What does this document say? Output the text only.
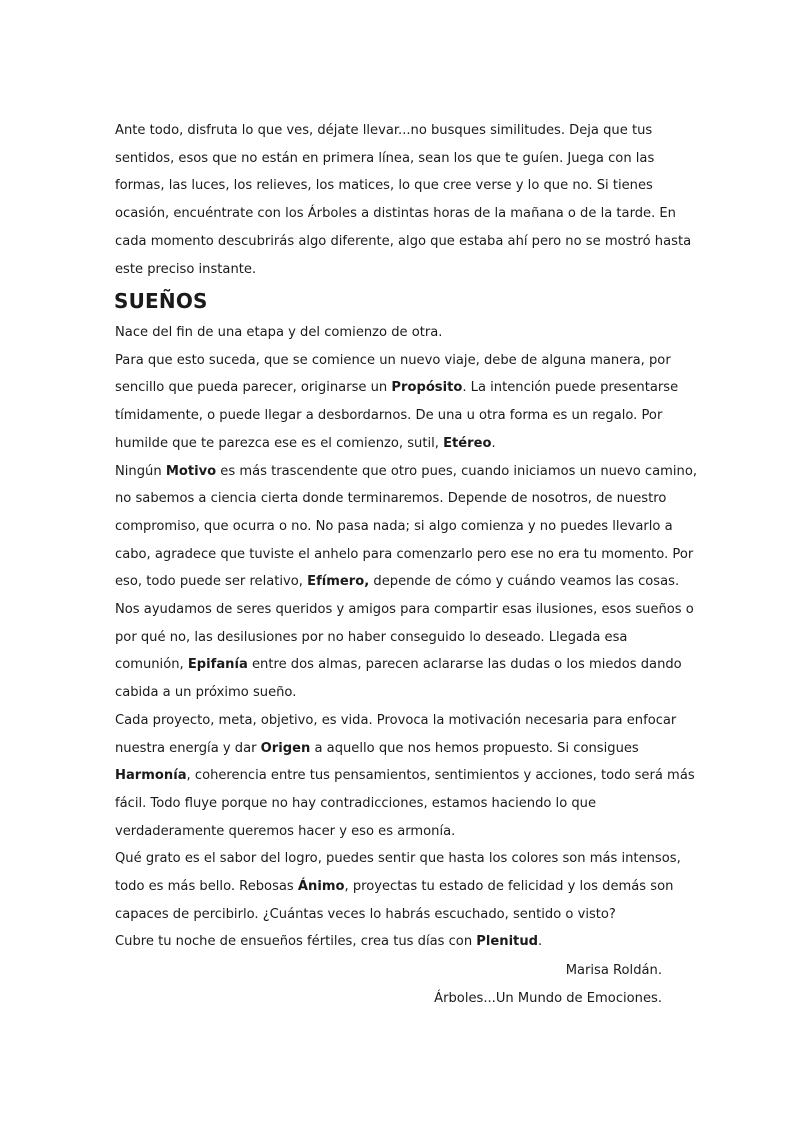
Ante todo, disfruta lo que ves, déjate llevar...no busques similitudes. Deja que tus sentidos, esos que no están en primera línea, sean los que te guíen. Juega con las formas, las luces, los relieves, los matices, lo que cree verse y lo que no. Si tienes ocasión, encuéntrate con los Árboles a distintas horas de la mañana o de la tarde. En cada momento descubrirás algo diferente, algo que estaba ahí pero no se mostró hasta este preciso instante.

SUEÑOS

Nace del fin de una etapa y del comienzo de otra.

Para que esto suceda, que se comience un nuevo viaje, debe de alguna manera, por sencillo que pueda parecer, originarse un Propósito. La intención puede presentarse tímidamente, o puede llegar a desbordarnos. De una u otra forma es un regalo. Por humilde que te parezca ese es el comienzo, sutil, Etéreo.

Ningún Motivo es más trascendente que otro pues, cuando iniciamos un nuevo camino, no sabemos a ciencia cierta donde terminaremos. Depende de nosotros, de nuestro compromiso, que ocurra o no. No pasa nada; si algo comienza y no puedes llevarlo a cabo, agradece que tuviste el anhelo para comenzarlo pero ese no era tu momento. Por eso, todo puede ser relativo, Efímero, depende de cómo y cuándo veamos las cosas.

Nos ayudamos de seres queridos y amigos para compartir esas ilusiones, esos sueños o por qué no, las desilusiones por no haber conseguido lo deseado. Llegada esa comunión, Epifanía entre dos almas, parecen aclararse las dudas o los miedos dando cabida a un próximo sueño.

Cada proyecto, meta, objetivo, es vida. Provoca la motivación necesaria para enfocar nuestra energía y dar Origen a aquello que nos hemos propuesto. Si consigues Harmonía, coherencia entre tus pensamientos, sentimientos y acciones, todo será más fácil. Todo fluye porque no hay contradicciones, estamos haciendo lo que verdaderamente queremos hacer y eso es armonía.

Qué grato es el sabor del logro, puedes sentir que hasta los colores son más intensos, todo es más bello. Rebosas Ánimo, proyectas tu estado de felicidad y los demás son capaces de percibirlo. ¿Cuántas veces lo habrás escuchado, sentido o visto?

Cubre tu noche de ensueños fértiles, crea tus días con Plenitud.

Marisa Roldán.

Árboles...Un Mundo de Emociones.
